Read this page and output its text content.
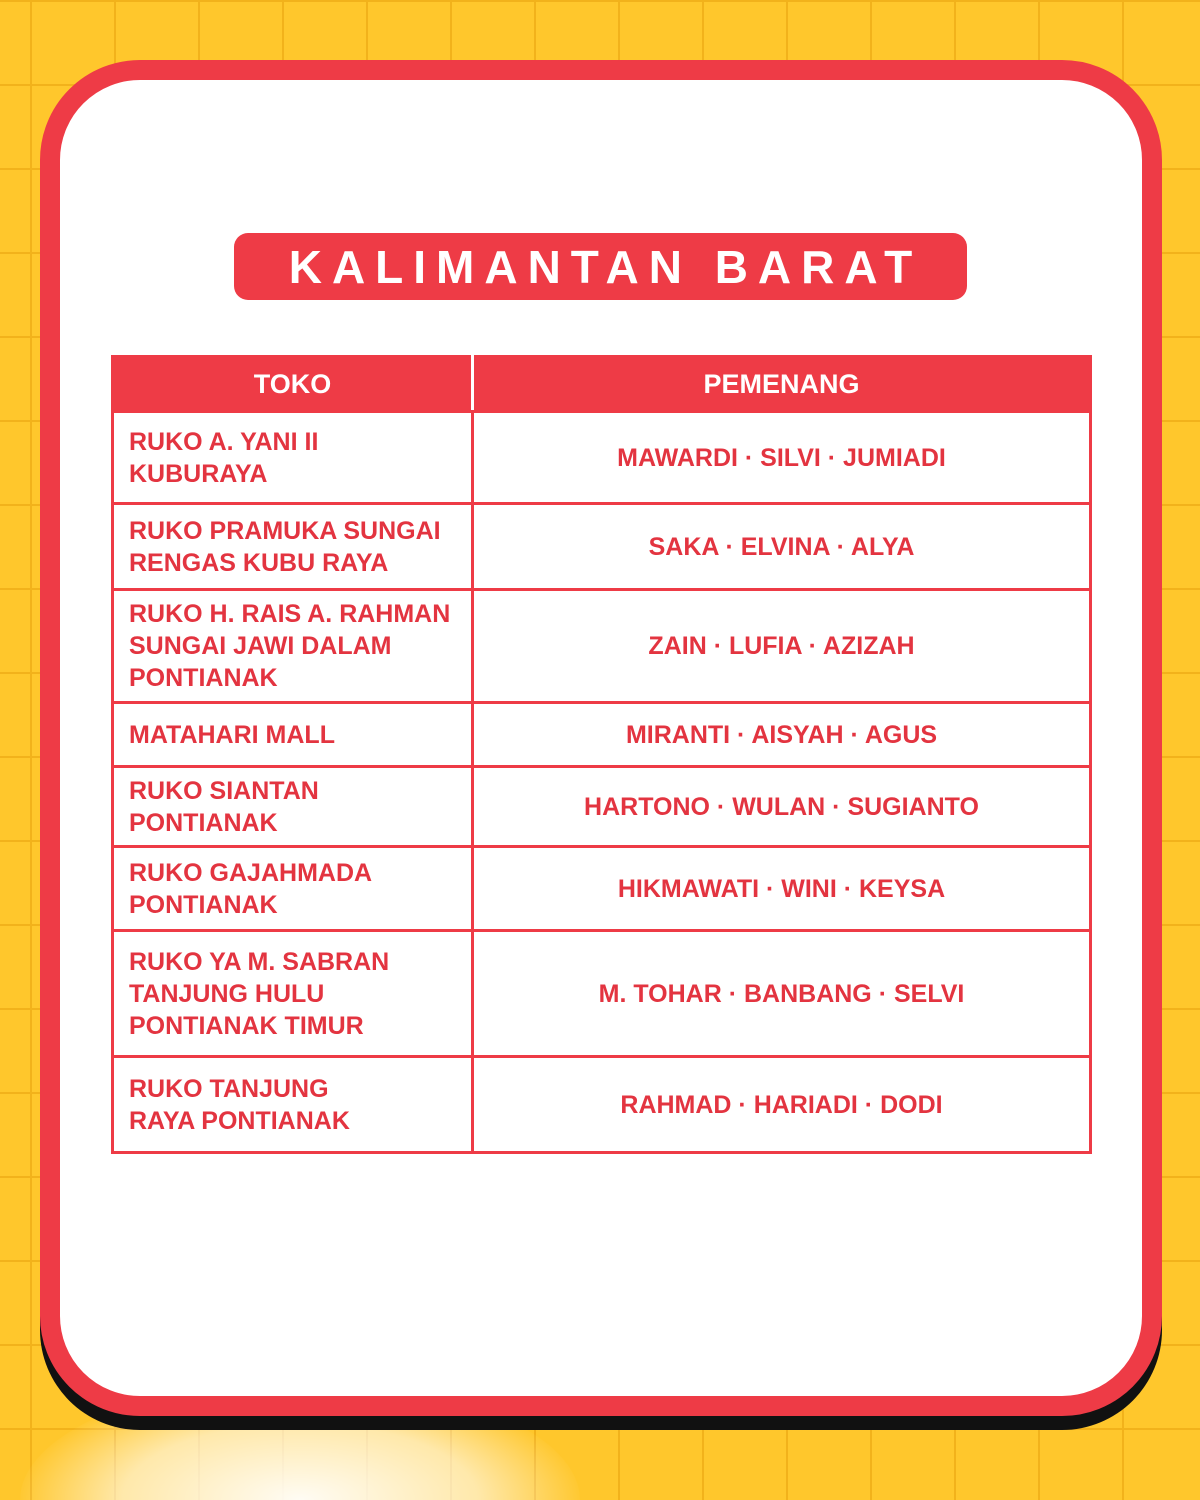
KALIMANTAN BARAT
TOKO	PEMENANG
RUKO A. YANI II
KUBURAYA	MAWARDI · SILVI · JUMIADI
RUKO PRAMUKA SUNGAI
RENGAS KUBU RAYA	SAKA · ELVINA · ALYA
RUKO H. RAIS A. RAHMAN
SUNGAI JAWI DALAM
PONTIANAK	ZAIN · LUFIA · AZIZAH
MATAHARI MALL	MIRANTI · AISYAH · AGUS
RUKO SIANTAN
PONTIANAK	HARTONO · WULAN · SUGIANTO
RUKO GAJAHMADA
PONTIANAK	HIKMAWATI · WINI · KEYSA
RUKO YA M. SABRAN
TANJUNG HULU
PONTIANAK TIMUR	M. TOHAR · BANBANG · SELVI
RUKO TANJUNG
RAYA PONTIANAK	RAHMAD · HARIADI · DODI
